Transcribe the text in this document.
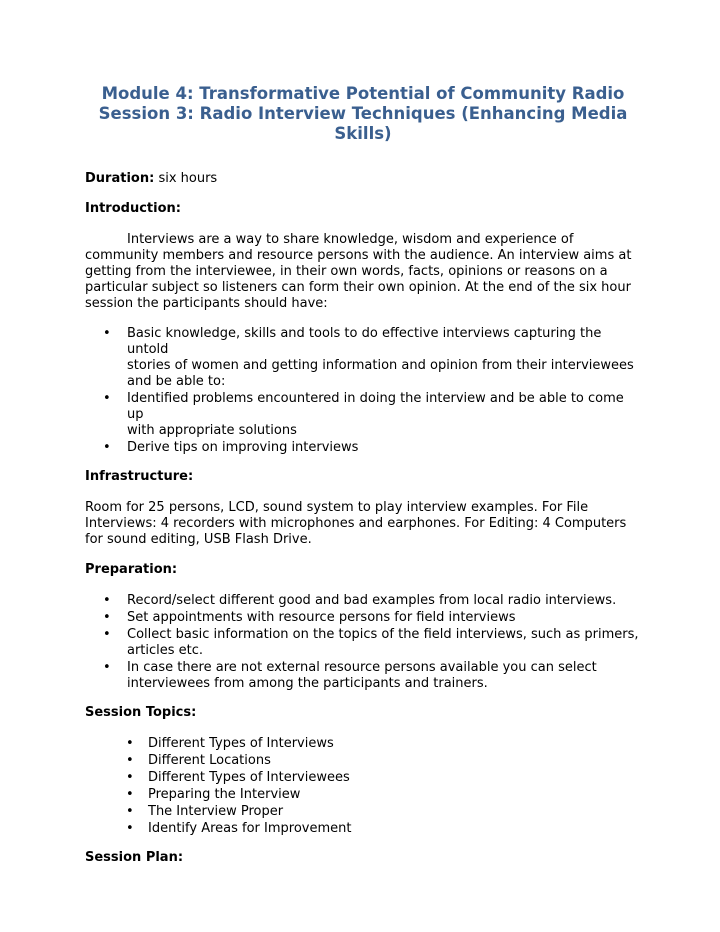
Module 4: Transformative Potential of Community Radio
Session 3: Radio Interview Techniques (Enhancing Media
Skills)

Duration: six hours

Introduction:

Interviews are a way to share knowledge, wisdom and experience of
community members and resource persons with the audience. An interview aims at
getting from the interviewee, in their own words, facts, opinions or reasons on a
particular subject so listeners can form their own opinion. At the end of the six hour
session the participants should have:
• Basic knowledge, skills and tools to do effective interviews capturing the untold
stories of women and getting information and opinion from their interviewees
and be able to:
• Identified problems encountered in doing the interview and be able to come up
with appropriate solutions
• Derive tips on improving interviews

Infrastructure:

Room for 25 persons, LCD, sound system to play interview examples. For File
Interviews: 4 recorders with microphones and earphones. For Editing: 4 Computers
for sound editing, USB Flash Drive.

Preparation:

• Record/select different good and bad examples from local radio interviews.
• Set appointments with resource persons for field interviews
• Collect basic information on the topics of the field interviews, such as primers,
articles etc.
• In case there are not external resource persons available you can select
interviewees from among the participants and trainers.

Session Topics:

• Different Types of Interviews
• Different Locations
• Different Types of Interviewees
• Preparing the Interview
• The Interview Proper
• Identify Areas for Improvement

Session Plan:
